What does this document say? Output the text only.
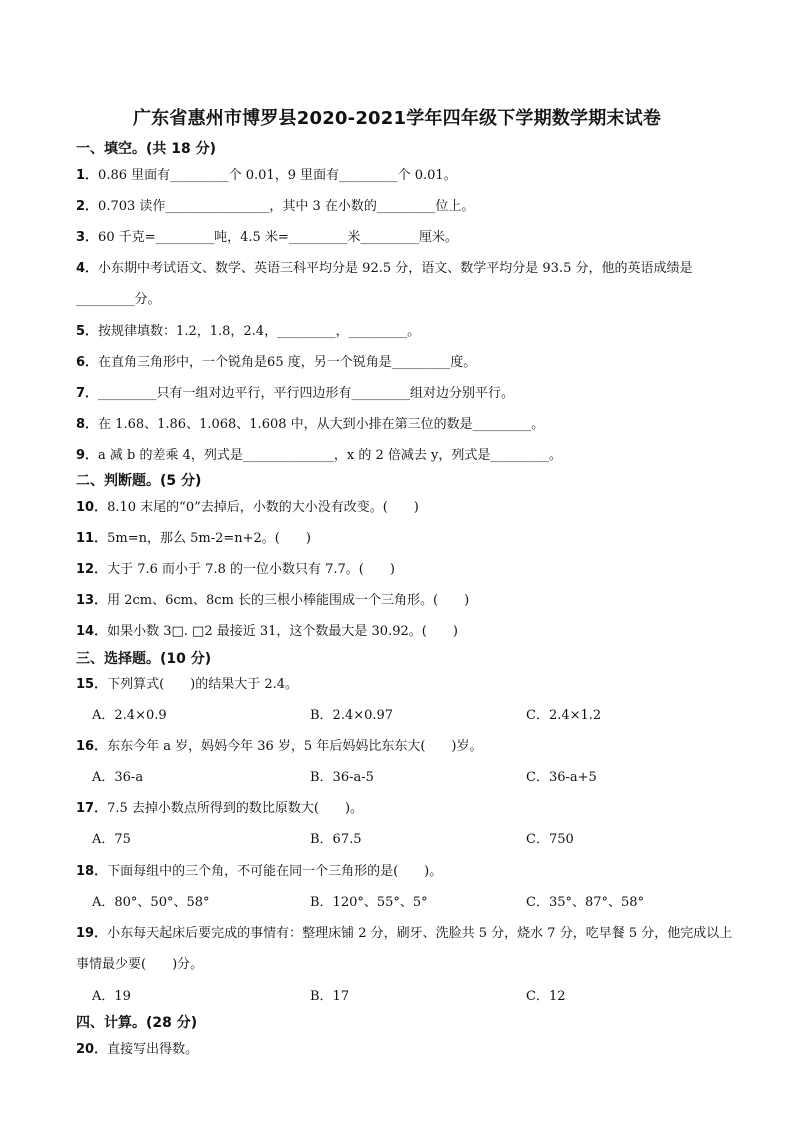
广东省惠州市博罗县2020-2021学年四年级下学期数学期末试卷
一、填空。(共 18 分)
1．0.86 里面有_________个 0.01，9 里面有_________个 0.01。
2．0.703 读作________________，其中 3 在小数的_________位上。
3．60 千克=_________吨，4.5 米=_________米_________厘米。
4．小东期中考试语文、数学、英语三科平均分是 92.5 分，语文、数学平均分是 93.5 分，他的英语成绩是_________分。
5．按规律填数：1.2，1.8，2.4，_________，_________。
6．在直角三角形中，一个锐角是65 度，另一个锐角是_________度。
7．_________只有一组对边平行，平行四边形有_________组对边分别平行。
8．在 1.68、1.86、1.068、1.608 中，从大到小排在第三位的数是_________。
9．a 减 b 的差乘 4，列式是______________，x 的 2 倍减去 y，列式是_________。
二、判断题。(5 分)
10．8.10 末尾的“0”去掉后，小数的大小没有改变。(　　)
11．5m=n，那么 5m-2=n+2。(　　)
12．大于 7.6 而小于 7.8 的一位小数只有 7.7。(　　)
13．用 2cm、6cm、8cm 长的三根小棒能围成一个三角形。(　　)
14．如果小数 3□. □2 最接近 31，这个数最大是 30.92。(　　)
三、选择题。(10 分)
15．下列算式(　　)的结果大于 2.4。
A．2.4×0.9	B．2.4×0.97	C．2.4×1.2
16．东东今年 a 岁，妈妈今年 36 岁，5 年后妈妈比东东大(　　)岁。
A．36-a	B．36-a-5	C．36-a+5
17．7.5 去掉小数点所得到的数比原数大(　　)。
A．75	B．67.5	C．750
18．下面每组中的三个角，不可能在同一个三角形的是(　　)。
A．80°、50°、58°	B．120°、55°、5°	C．35°、87°、58°
19．小东每天起床后要完成的事情有：整理床铺 2 分，刷牙、洗脸共 5 分，烧水 7 分，吃早餐 5 分，他完成以上事情最少要(　　)分。
A．19	B．17	C．12
四、计算。(28 分)
20．直接写出得数。
